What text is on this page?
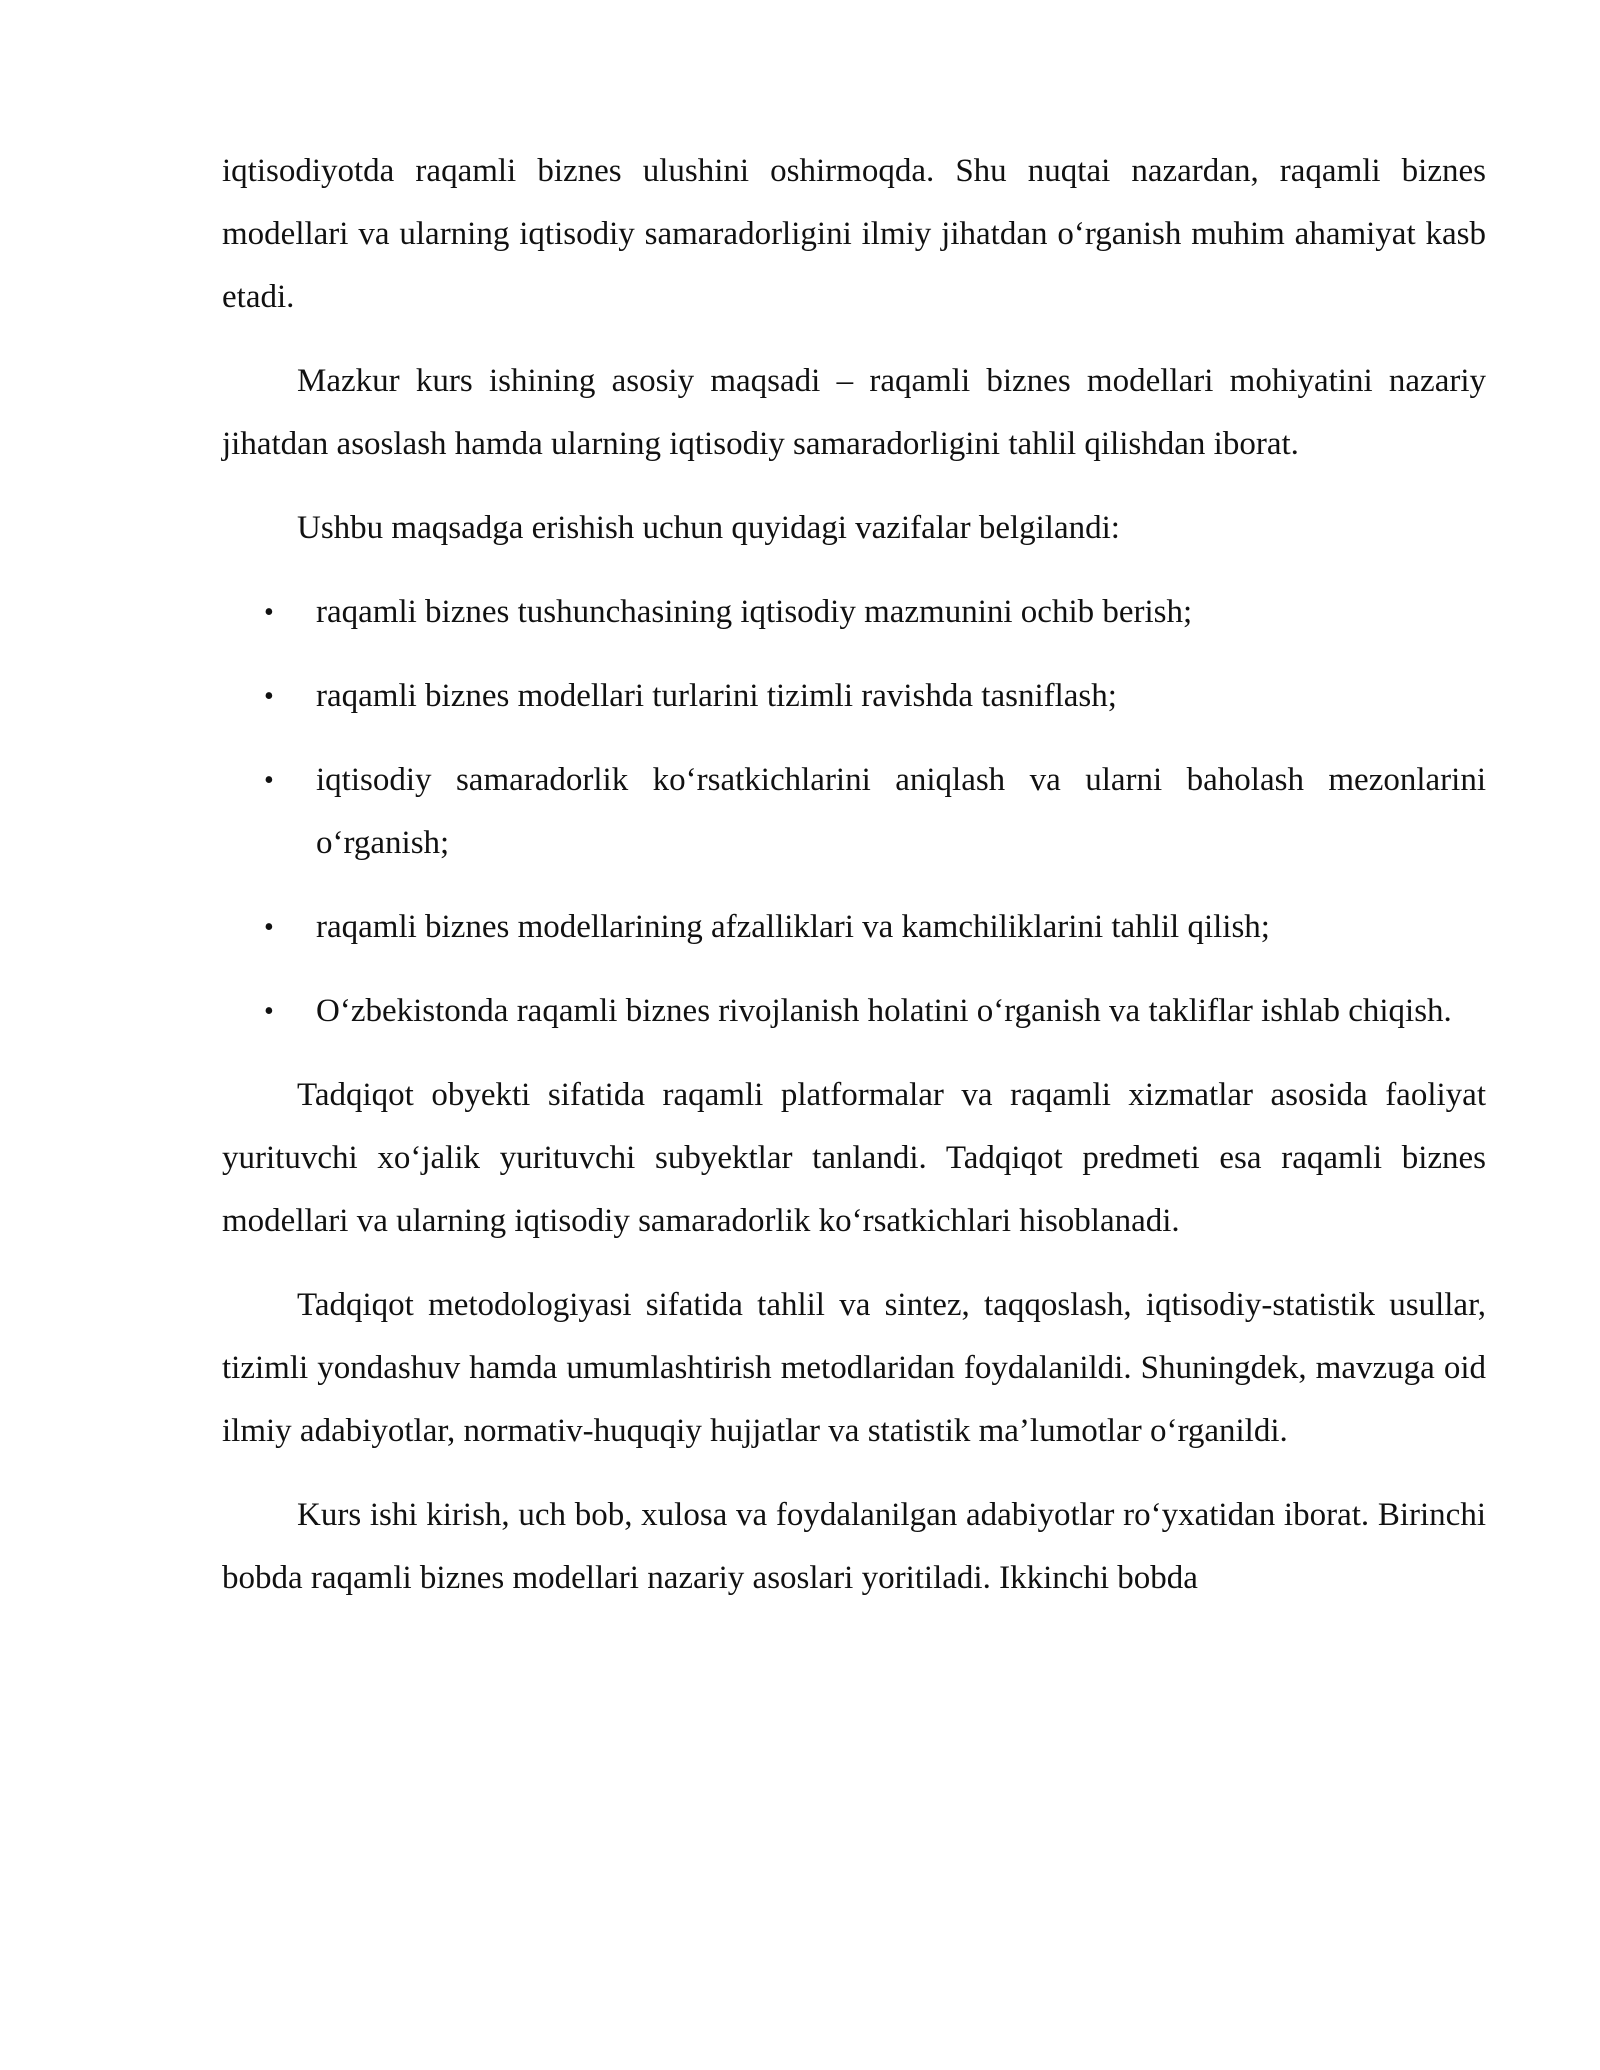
iqtisodiyotda raqamli biznes ulushini oshirmoqda. Shu nuqtai nazardan, raqamli biznes modellari va ularning iqtisodiy samaradorligini ilmiy jihatdan o‘rganish muhim ahamiyat kasb etadi.

Mazkur kurs ishining asosiy maqsadi – raqamli biznes modellari mohiyatini nazariy jihatdan asoslash hamda ularning iqtisodiy samaradorligini tahlil qilishdan iborat.

Ushbu maqsadga erishish uchun quyidagi vazifalar belgilandi:

• raqamli biznes tushunchasining iqtisodiy mazmunini ochib berish;
• raqamli biznes modellari turlarini tizimli ravishda tasniflash;
• iqtisodiy samaradorlik ko‘rsatkichlarini aniqlash va ularni baholash mezonlarini o‘rganish;
• raqamli biznes modellarining afzalliklari va kamchiliklarini tahlil qilish;
• O‘zbekistonda raqamli biznes rivojlanish holatini o‘rganish va takliflar ishlab chiqish.

Tadqiqot obyekti sifatida raqamli platformalar va raqamli xizmatlar asosida faoliyat yurituvchi xo‘jalik yurituvchi subyektlar tanlandi. Tadqiqot predmeti esa raqamli biznes modellari va ularning iqtisodiy samaradorlik ko‘rsatkichlari hisoblanadi.

Tadqiqot metodologiyasi sifatida tahlil va sintez, taqqoslash, iqtisodiy-statistik usullar, tizimli yondashuv hamda umumlashtirish metodlaridan foydalanildi. Shuningdek, mavzuga oid ilmiy adabiyotlar, normativ-huquqiy hujjatlar va statistik ma’lumotlar o‘rganildi.

Kurs ishi kirish, uch bob, xulosa va foydalanilgan adabiyotlar ro‘yxatidan iborat. Birinchi bobda raqamli biznes modellari nazariy asoslari yoritiladi. Ikkinchi bobda
